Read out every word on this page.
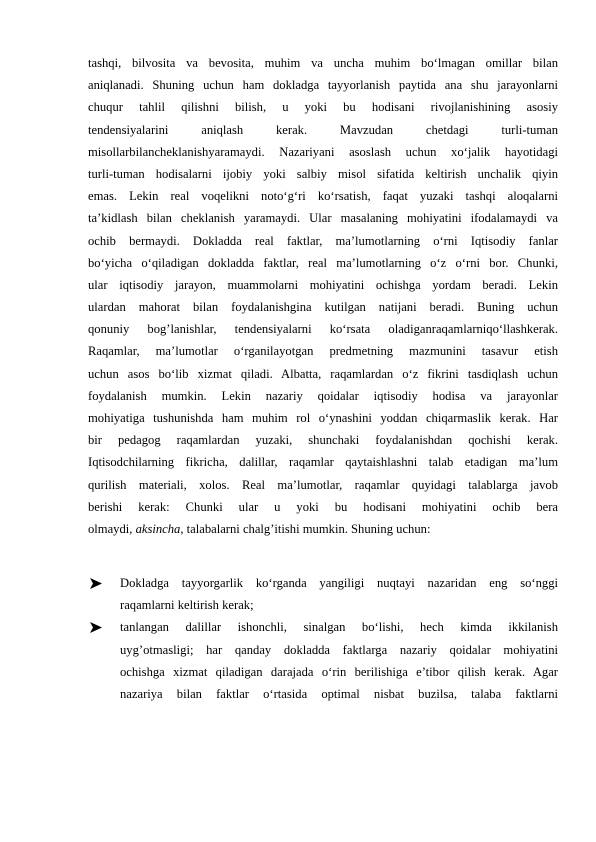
tashqi, bilvosita va bevosita, muhim va uncha muhim bo‘lmagan omillar bilan
aniqlanadi. Shuning uchun ham dokladga tayyorlanish paytida ana shu jarayonlarni
chuqur tahlil qilishni bilish, u yoki bu hodisani rivojlanishining asosiy
tendensiyalarini aniqlash kerak. Mavzudan chetdagi turli-tuman
misollarbilancheklanishyaramaydi. Nazariyani asoslash uchun xo‘jalik hayotidagi
turli-tuman hodisalarni ijobiy yoki salbiy misol sifatida keltirish unchalik qiyin
emas. Lekin real voqelikni noto‘g‘ri ko‘rsatish, faqat yuzaki tashqi aloqalarni
ta’kidlash bilan cheklanish yaramaydi. Ular masalaning mohiyatini ifodalamaydi va
ochib bermaydi. Dokladda real faktlar, ma’lumotlarning o‘rni Iqtisodiy fanlar
bo‘yicha o‘qiladigan dokladda faktlar, real ma’lumotlarning o‘z o‘rni bor. Chunki,
ular iqtisodiy jarayon, muammolarni mohiyatini ochishga yordam beradi. Lekin
ulardan mahorat bilan foydalanishgina kutilgan natijani beradi. Buning uchun
qonuniy bog’lanishlar, tendensiyalarni ko‘rsata oladiganraqamlarniqo‘llashkerak.
Raqamlar, ma’lumotlar o‘rganilayotgan predmetning mazmunini tasavur etish
uchun asos bo‘lib xizmat qiladi. Albatta, raqamlardan o‘z fikrini tasdiqlash uchun
foydalanish mumkin. Lekin nazariy qoidalar iqtisodiy hodisa va jarayonlar
mohiyatiga tushunishda ham muhim rol o‘ynashini yoddan chiqarmaslik kerak. Har
bir pedagog raqamlardan yuzaki, shunchaki foydalanishdan qochishi kerak.
Iqtisodchilarning fikricha, dalillar, raqamlar qaytaishlashni talab etadigan ma’lum
qurilish materiali, xolos. Real ma’lumotlar, raqamlar quyidagi talablarga javob
berishi kerak: Chunki ular u yoki bu hodisani mohiyatini ochib bera
olmaydi, aksincha, talabalarni chalg’itishi mumkin. Shuning uchun:
Dokladga tayyorgarlik ko‘rganda yangiligi nuqtayi nazaridan eng so‘nggi
raqamlarni keltirish kerak;
tanlangan dalillar ishonchli, sinalgan bo‘lishi, hech kimda ikkilanish
uyg’otmasligi; har qanday dokladda faktlarga nazariy qoidalar mohiyatini
ochishga xizmat qiladigan darajada o‘rin berilishiga e’tibor qilish kerak. Agar
nazariya bilan faktlar o‘rtasida optimal nisbat buzilsa, talaba faktlarni
